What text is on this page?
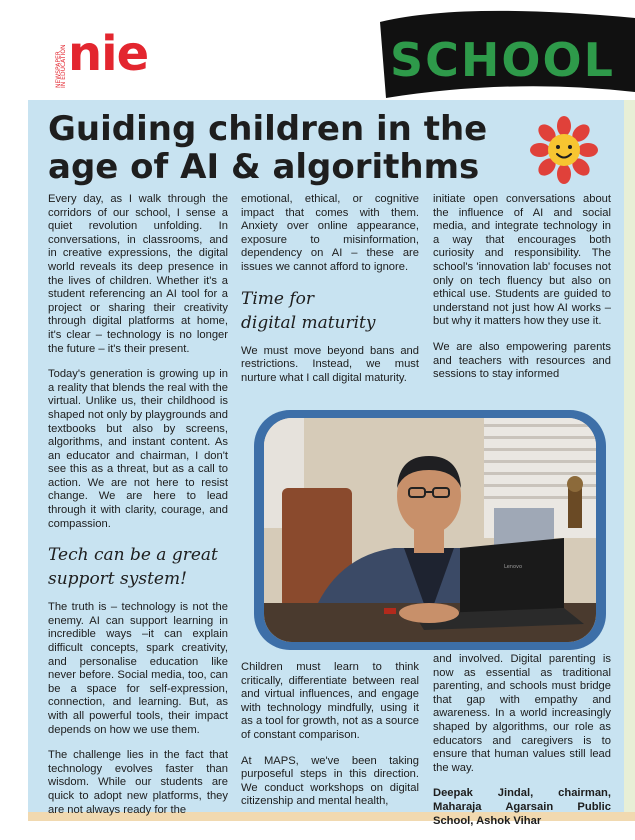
NEWSPAPER IN EDUCATION nie	SCHOOL
Guiding children in the
age of AI & algorithms

Every day, as I walk through the corridors of our school, I sense a quiet revolution unfolding. In conversations, in classrooms, and in creative expressions, the digital world reveals its deep presence in the lives of children. Whether it's a student referencing an AI tool for a project or sharing their creativity through digital platforms at home, it's clear – technology is no longer the future – it's their present.

Today's generation is growing up in a reality that blends the real with the virtual. Unlike us, their childhood is shaped not only by playgrounds and textbooks but also by screens, algorithms, and instant content. As an educator and chairman, I don't see this as a threat, but as a call to action. We are not here to resist change. We are here to lead through it with clarity, courage, and compassion.

Tech can be a great
support system!

The truth is – technology is not the enemy. AI can support learning in incredible ways –it can explain difficult concepts, spark creativity, and personalise education like never before. Social media, too, can be a space for self-expression, connection, and learning. But, as with all powerful tools, their impact depends on how we use them.

The challenge lies in the fact that technology evolves faster than wisdom. While our students are quick to adopt new platforms, they are not always ready for the

emotional, ethical, or cognitive impact that comes with them. Anxiety over online appearance, exposure to misinformation, dependency on AI – these are issues we cannot afford to ignore.

Time for
digital maturity

We must move beyond bans and restrictions. Instead, we must nurture what I call digital maturity.

initiate open conversations about the influence of AI and social media, and integrate technology in a way that encourages both curiosity and responsibility. The school's 'innovation lab' focuses not only on tech fluency but also on ethical use. Students are guided to understand not just how AI works – but why it matters how they use it.

We are also empowering parents and teachers with resources and sessions to stay informed

Lenovo

Children must learn to think critically, differentiate between real and virtual influences, and engage with technology mindfully, using it as a tool for growth, not as a source of constant comparison.

At MAPS, we've been taking purposeful steps in this direction. We conduct workshops on digital citizenship and mental health,

and involved. Digital parenting is now as essential as traditional parenting, and schools must bridge that gap with empathy and awareness. In a world increasingly shaped by algorithms, our role as educators and caregivers is to ensure that human values still lead the way.

Deepak Jindal, chairman, Maharaja Agarsain Public School, Ashok Vihar
